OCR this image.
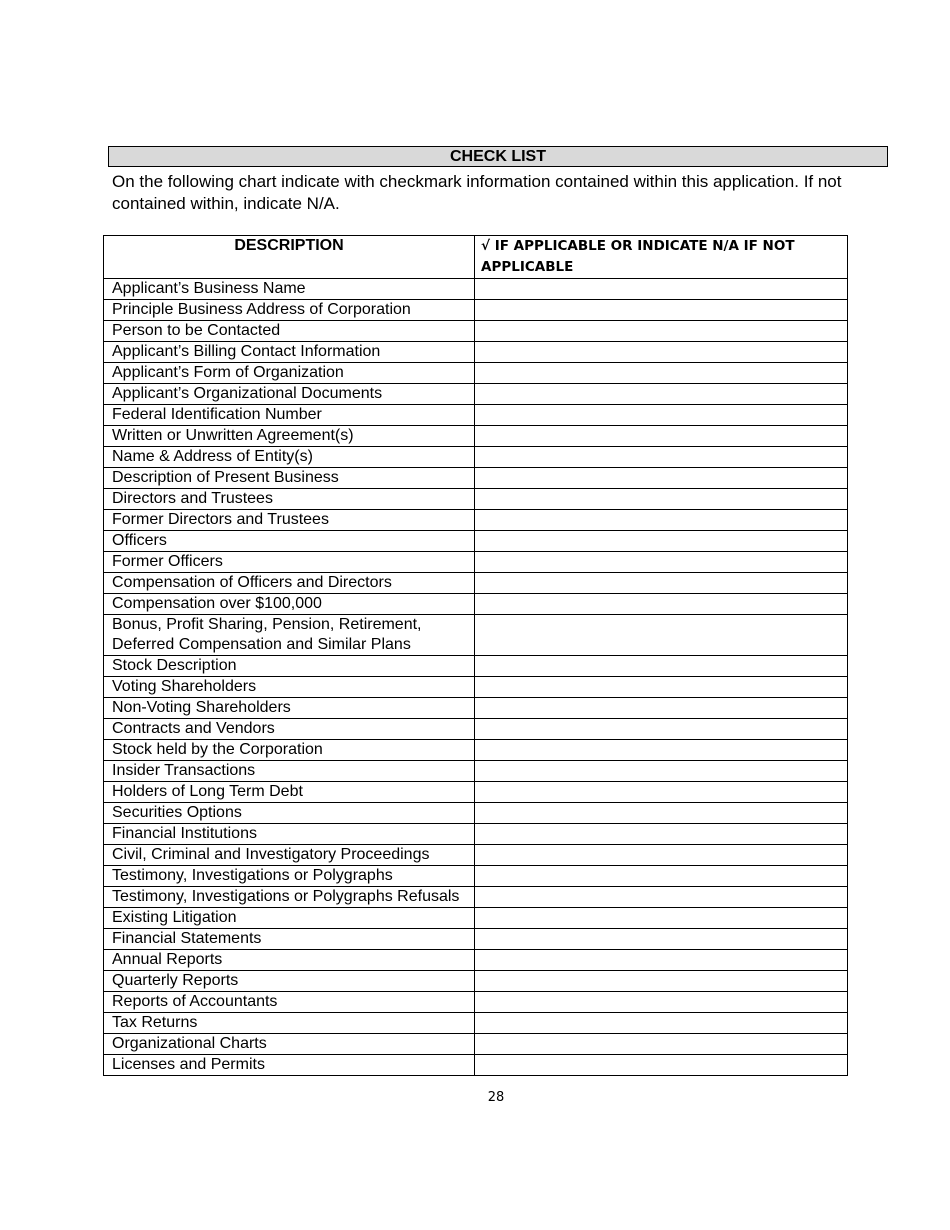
CHECK LIST

On the following chart indicate with checkmark information contained within this application. If not contained within, indicate N/A.

DESCRIPTION	√ IF APPLICABLE OR INDICATE N/A IF NOT APPLICABLE
Applicant’s Business Name	
Principle Business Address of Corporation	
Person to be Contacted	
Applicant’s Billing Contact Information	
Applicant’s Form of Organization	
Applicant’s Organizational Documents	
Federal Identification Number	
Written or Unwritten Agreement(s)	
Name & Address of Entity(s)	
Description of Present Business	
Directors and Trustees	
Former Directors and Trustees	
Officers	
Former Officers	
Compensation of Officers and Directors	
Compensation over $100,000	
Bonus, Profit Sharing, Pension, Retirement, Deferred Compensation and Similar Plans	
Stock Description	
Voting Shareholders	
Non-Voting Shareholders	
Contracts and Vendors	
Stock held by the Corporation	
Insider Transactions	
Holders of Long Term Debt	
Securities Options	
Financial Institutions	
Civil, Criminal and Investigatory Proceedings	
Testimony, Investigations or Polygraphs	
Testimony, Investigations or Polygraphs Refusals	
Existing Litigation	
Financial Statements	
Annual Reports	
Quarterly Reports	
Reports of Accountants	
Tax Returns	
Organizational Charts	
Licenses and Permits	
28
